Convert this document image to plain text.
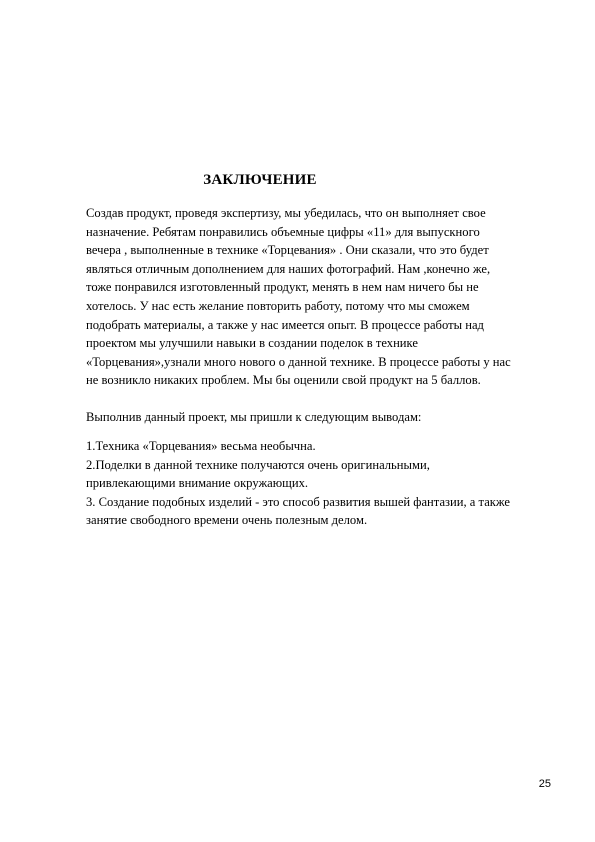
ЗАКЛЮЧЕНИЕ
Создав продукт, проведя экспертизу, мы убедилась, что он выполняет свое
назначение. Ребятам понравились объемные цифры «11» для выпускного
вечера , выполненные в технике «Торцевания» . Они сказали, что это будет
являться отличным дополнением для наших фотографий. Нам ,конечно же,
тоже понравился изготовленный продукт, менять в нем нам ничего бы не
хотелось. У нас есть желание повторить работу, потому что мы сможем
подобрать материалы, а также у нас имеется опыт. В процессе работы над
проектом мы улучшили навыки в создании поделок в технике
«Торцевания»,узнали много нового о данной технике. В процессе работы у нас
не возникло никаких проблем. Мы бы оценили свой продукт на 5 баллов.
Выполнив данный проект, мы пришли к следующим выводам:
1.Техника «Торцевания» весьма необычна.
2.Поделки в данной технике получаются очень оригинальными,
привлекающими внимание окружающих.
3. Создание подобных изделий - это способ развития вышей фантазии, а также
занятие свободного времени очень полезным делом.
25
